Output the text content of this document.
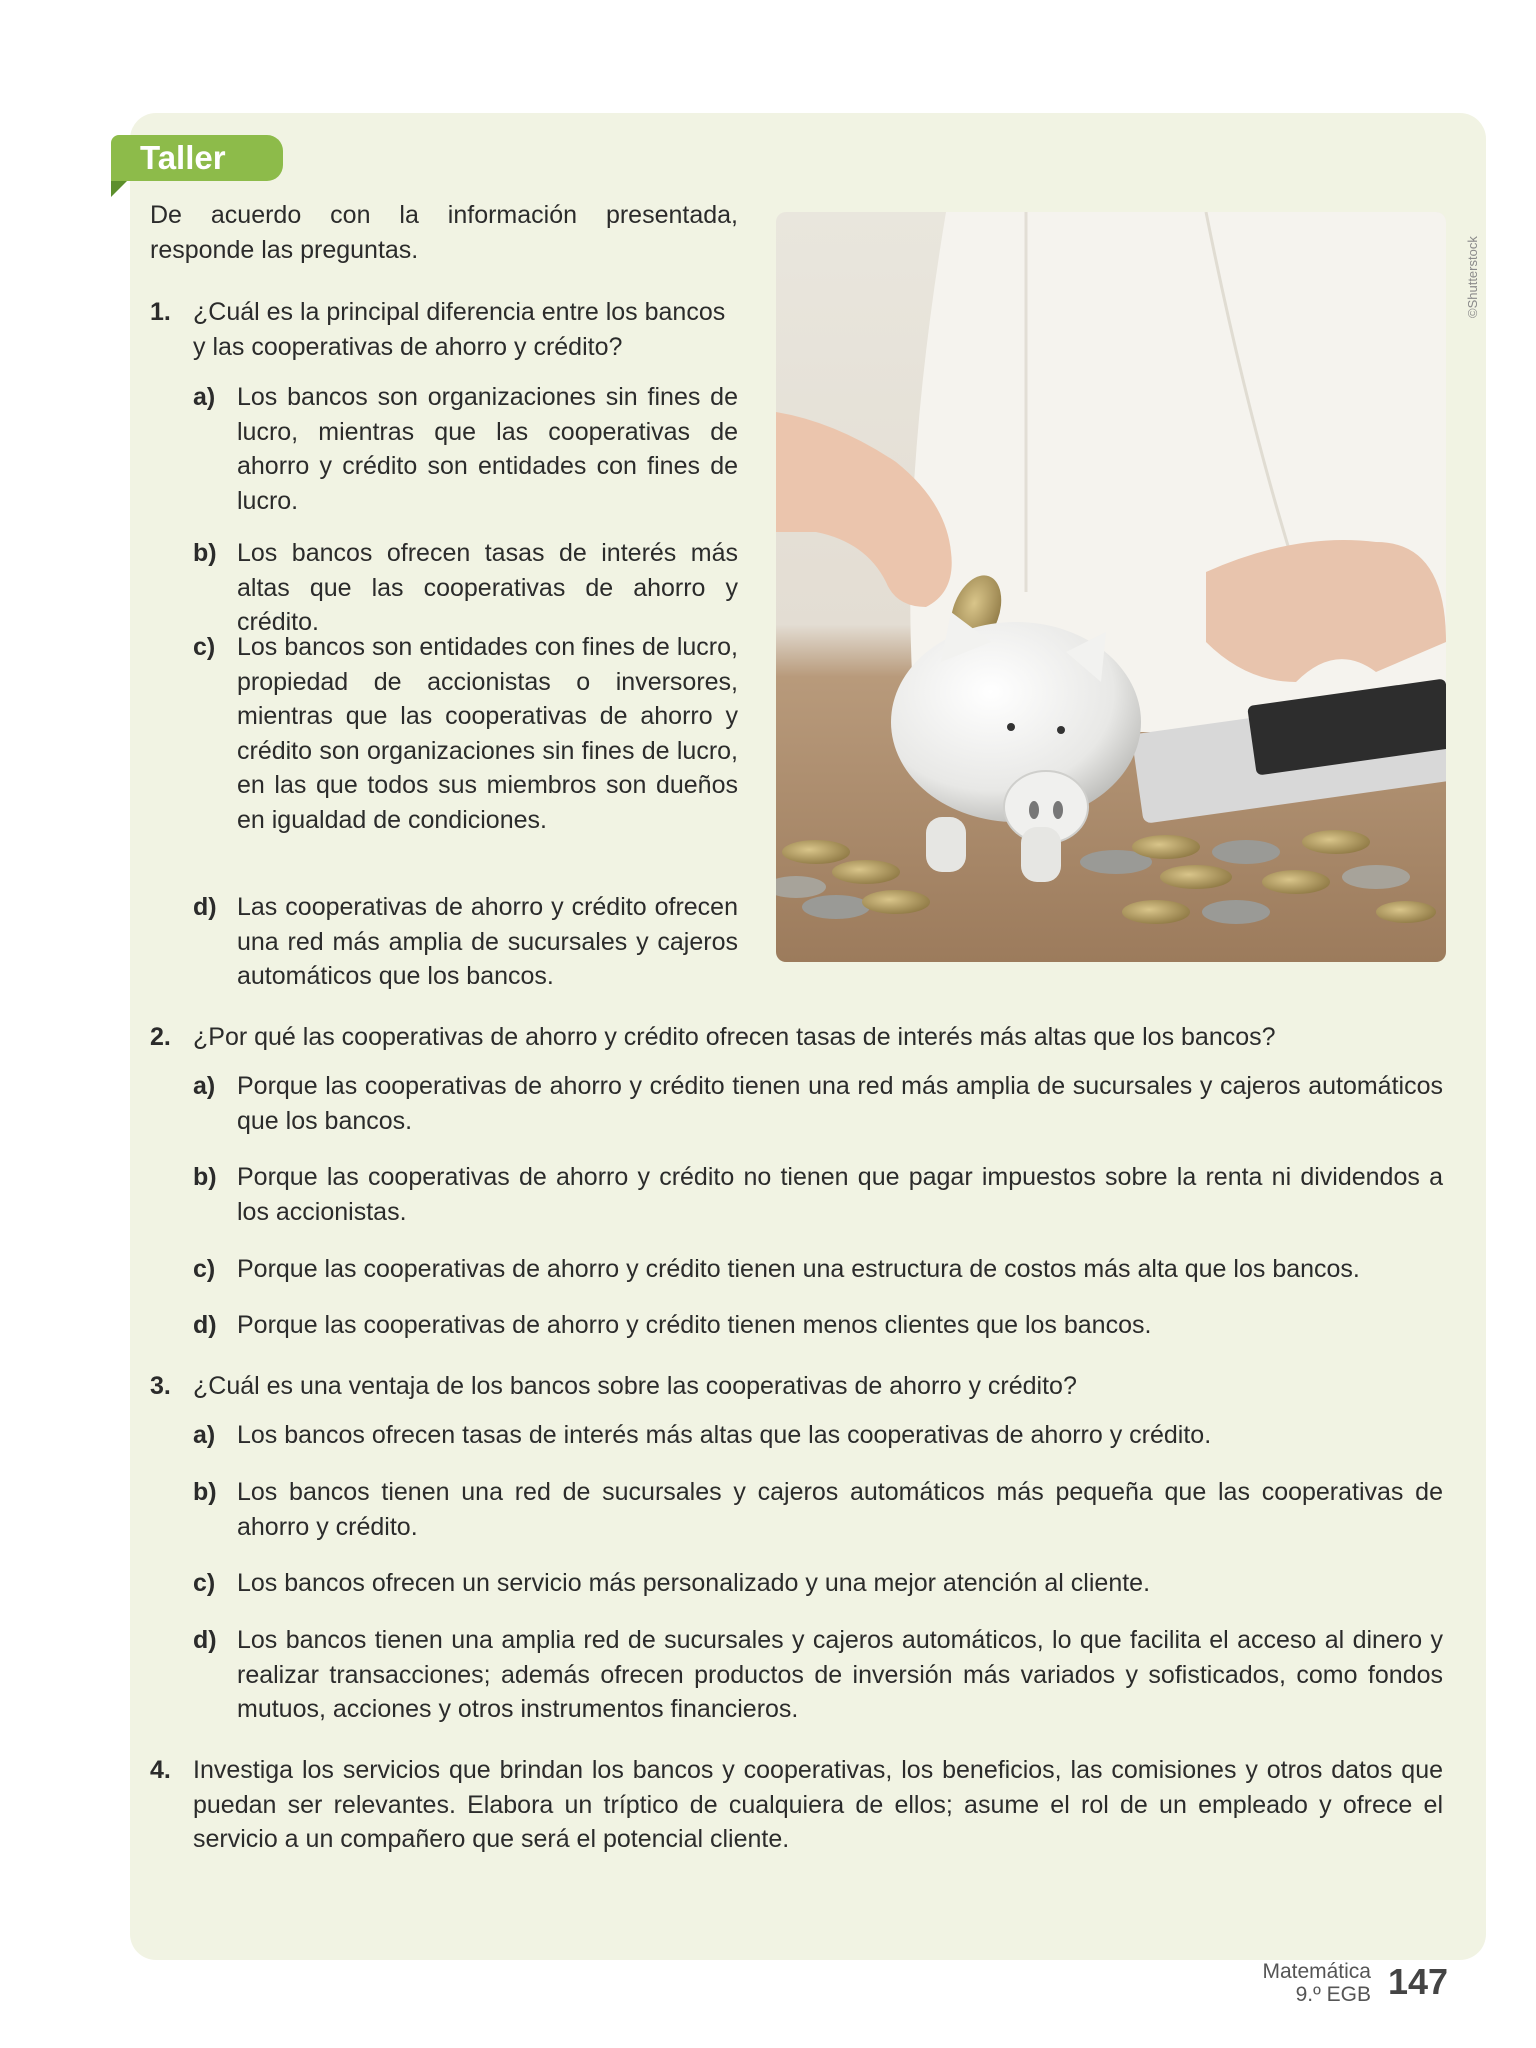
Taller
De acuerdo con la información presentada, responde las preguntas.	©Shutterstock
1. ¿Cuál es la principal diferencia entre los bancos y las cooperativas de ahorro y crédito?
a) Los bancos son organizaciones sin fines de lucro, mientras que las cooperativas de ahorro y crédito son entidades con fines de lucro.
b) Los bancos ofrecen tasas de interés más altas que las cooperativas de ahorro y crédito.
c) Los bancos son entidades con fines de lucro, propiedad de accionistas o inversores, mientras que las cooperativas de ahorro y crédito son organizaciones sin fines de lucro, en las que todos sus miembros son dueños en igualdad de condiciones.
d) Las cooperativas de ahorro y crédito ofrecen una red más amplia de sucursales y cajeros automáticos que los bancos.
2. ¿Por qué las cooperativas de ahorro y crédito ofrecen tasas de interés más altas que los bancos?
a) Porque las cooperativas de ahorro y crédito tienen una red más amplia de sucursales y cajeros automáticos que los bancos.
b) Porque las cooperativas de ahorro y crédito no tienen que pagar impuestos sobre la renta ni dividendos a los accionistas.
c) Porque las cooperativas de ahorro y crédito tienen una estructura de costos más alta que los bancos.
d) Porque las cooperativas de ahorro y crédito tienen menos clientes que los bancos.
3. ¿Cuál es una ventaja de los bancos sobre las cooperativas de ahorro y crédito?
a) Los bancos ofrecen tasas de interés más altas que las cooperativas de ahorro y crédito.
b) Los bancos tienen una red de sucursales y cajeros automáticos más pequeña que las cooperativas de ahorro y crédito.
c) Los bancos ofrecen un servicio más personalizado y una mejor atención al cliente.
d) Los bancos tienen una amplia red de sucursales y cajeros automáticos, lo que facilita el acceso al dinero y realizar transacciones; además ofrecen productos de inversión más variados y sofisticados, como fondos mutuos, acciones y otros instrumentos financieros.
4. Investiga los servicios que brindan los bancos y cooperativas, los beneficios, las comisiones y otros datos que puedan ser relevantes. Elabora un tríptico de cualquiera de ellos; asume el rol de un empleado y ofrece el servicio a un compañero que será el potencial cliente.
Matemática
9.º EGB 147
